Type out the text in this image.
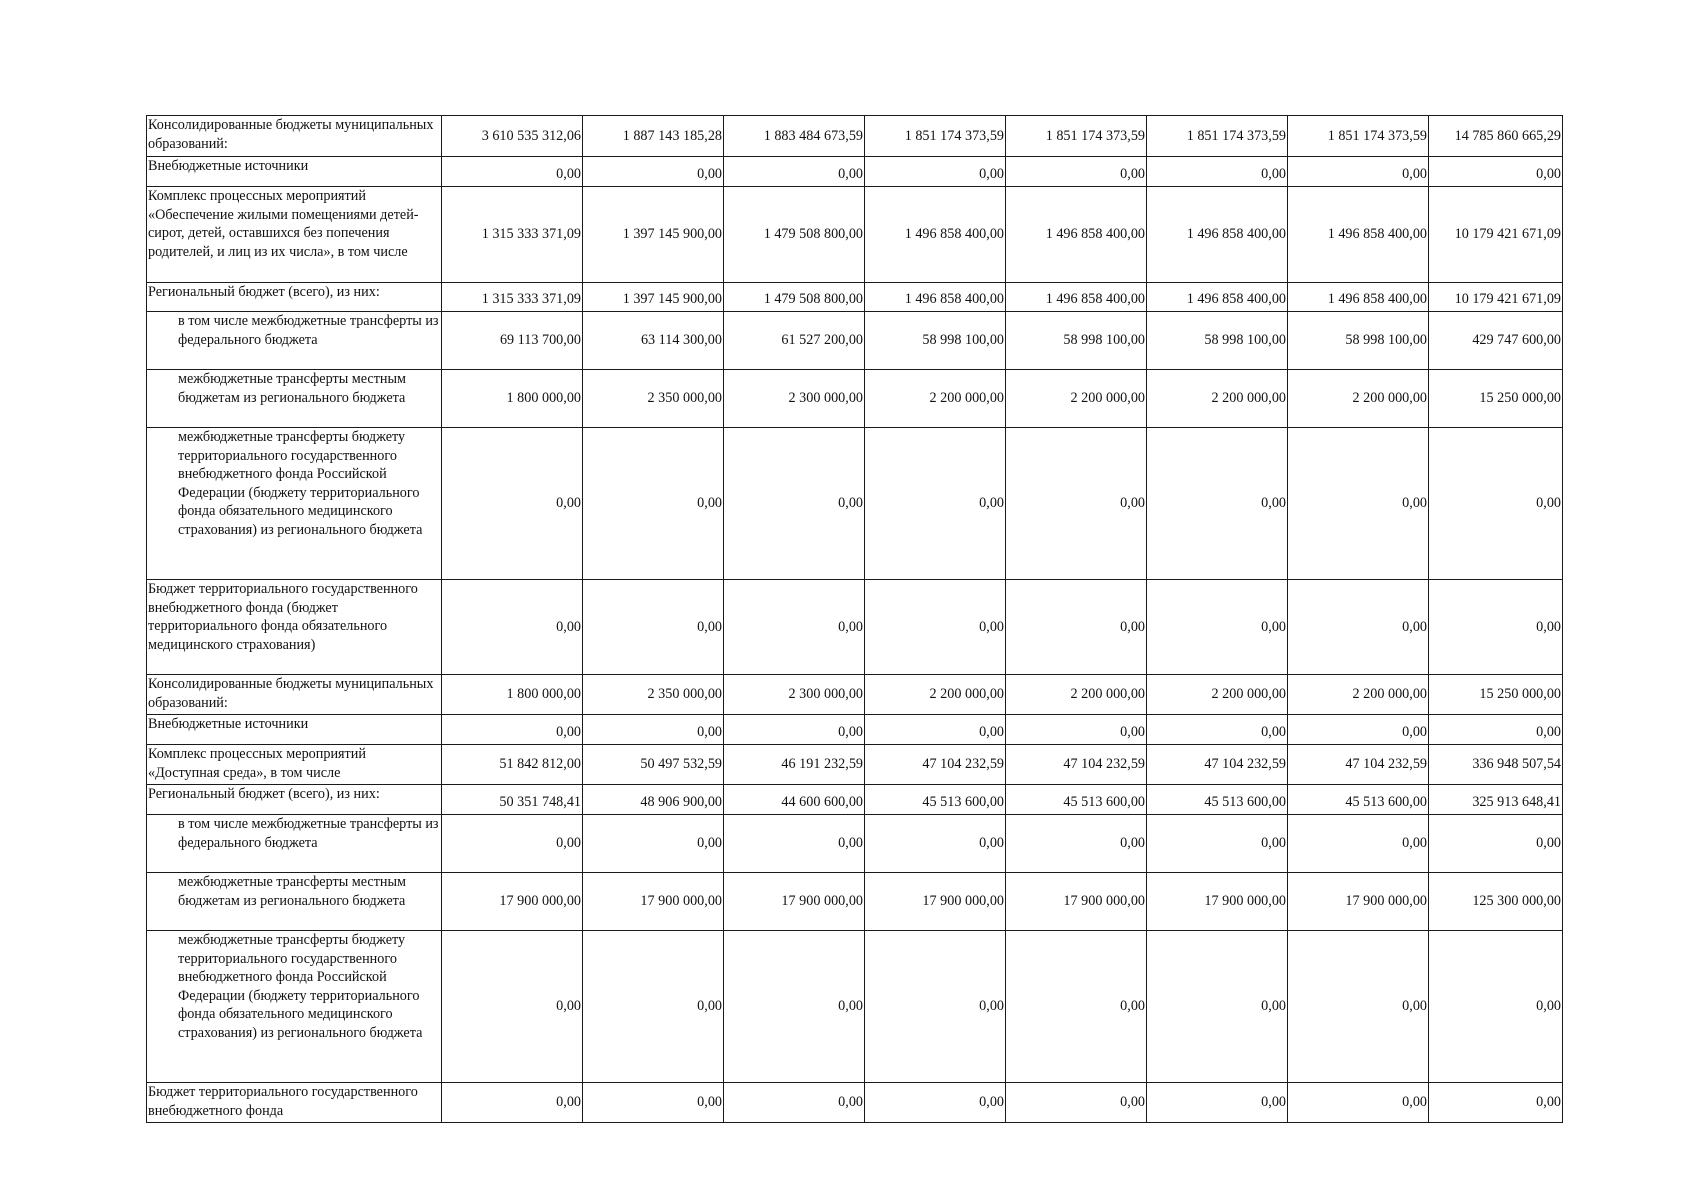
Консолидированные бюджеты муниципальных образований:	3 610 535 312,06	1 887 143 185,28	1 883 484 673,59	1 851 174 373,59	1 851 174 373,59	1 851 174 373,59	1 851 174 373,59	14 785 860 665,29
Внебюджетные источники	0,00	0,00	0,00	0,00	0,00	0,00	0,00	0,00
Комплекс процессных мероприятий «Обеспечение жилыми помещениями детей-сирот, детей, оставшихся без попечения родителей, и лиц из их числа», в том числе	1 315 333 371,09	1 397 145 900,00	1 479 508 800,00	1 496 858 400,00	1 496 858 400,00	1 496 858 400,00	1 496 858 400,00	10 179 421 671,09
Региональный бюджет (всего), из них:	1 315 333 371,09	1 397 145 900,00	1 479 508 800,00	1 496 858 400,00	1 496 858 400,00	1 496 858 400,00	1 496 858 400,00	10 179 421 671,09
в том числе межбюджетные трансферты из федерального бюджета	69 113 700,00	63 114 300,00	61 527 200,00	58 998 100,00	58 998 100,00	58 998 100,00	58 998 100,00	429 747 600,00
межбюджетные трансферты местным бюджетам из регионального бюджета	1 800 000,00	2 350 000,00	2 300 000,00	2 200 000,00	2 200 000,00	2 200 000,00	2 200 000,00	15 250 000,00
межбюджетные трансферты бюджету территориального государственного внебюджетного фонда Российской Федерации (бюджету территориального фонда обязательного медицинского страхования) из регионального бюджета	0,00	0,00	0,00	0,00	0,00	0,00	0,00	0,00
Бюджет территориального государственного внебюджетного фонда (бюджет территориального фонда обязательного медицинского страхования)	0,00	0,00	0,00	0,00	0,00	0,00	0,00	0,00
Консолидированные бюджеты муниципальных образований:	1 800 000,00	2 350 000,00	2 300 000,00	2 200 000,00	2 200 000,00	2 200 000,00	2 200 000,00	15 250 000,00
Внебюджетные источники	0,00	0,00	0,00	0,00	0,00	0,00	0,00	0,00
Комплекс процессных мероприятий «Доступная среда», в том числе	51 842 812,00	50 497 532,59	46 191 232,59	47 104 232,59	47 104 232,59	47 104 232,59	47 104 232,59	336 948 507,54
Региональный бюджет (всего), из них:	50 351 748,41	48 906 900,00	44 600 600,00	45 513 600,00	45 513 600,00	45 513 600,00	45 513 600,00	325 913 648,41
в том числе межбюджетные трансферты из федерального бюджета	0,00	0,00	0,00	0,00	0,00	0,00	0,00	0,00
межбюджетные трансферты местным бюджетам из регионального бюджета	17 900 000,00	17 900 000,00	17 900 000,00	17 900 000,00	17 900 000,00	17 900 000,00	17 900 000,00	125 300 000,00
межбюджетные трансферты бюджету территориального государственного внебюджетного фонда Российской Федерации (бюджету территориального фонда обязательного медицинского страхования) из регионального бюджета	0,00	0,00	0,00	0,00	0,00	0,00	0,00	0,00
Бюджет территориального государственного внебюджетного фонда	0,00	0,00	0,00	0,00	0,00	0,00	0,00	0,00
